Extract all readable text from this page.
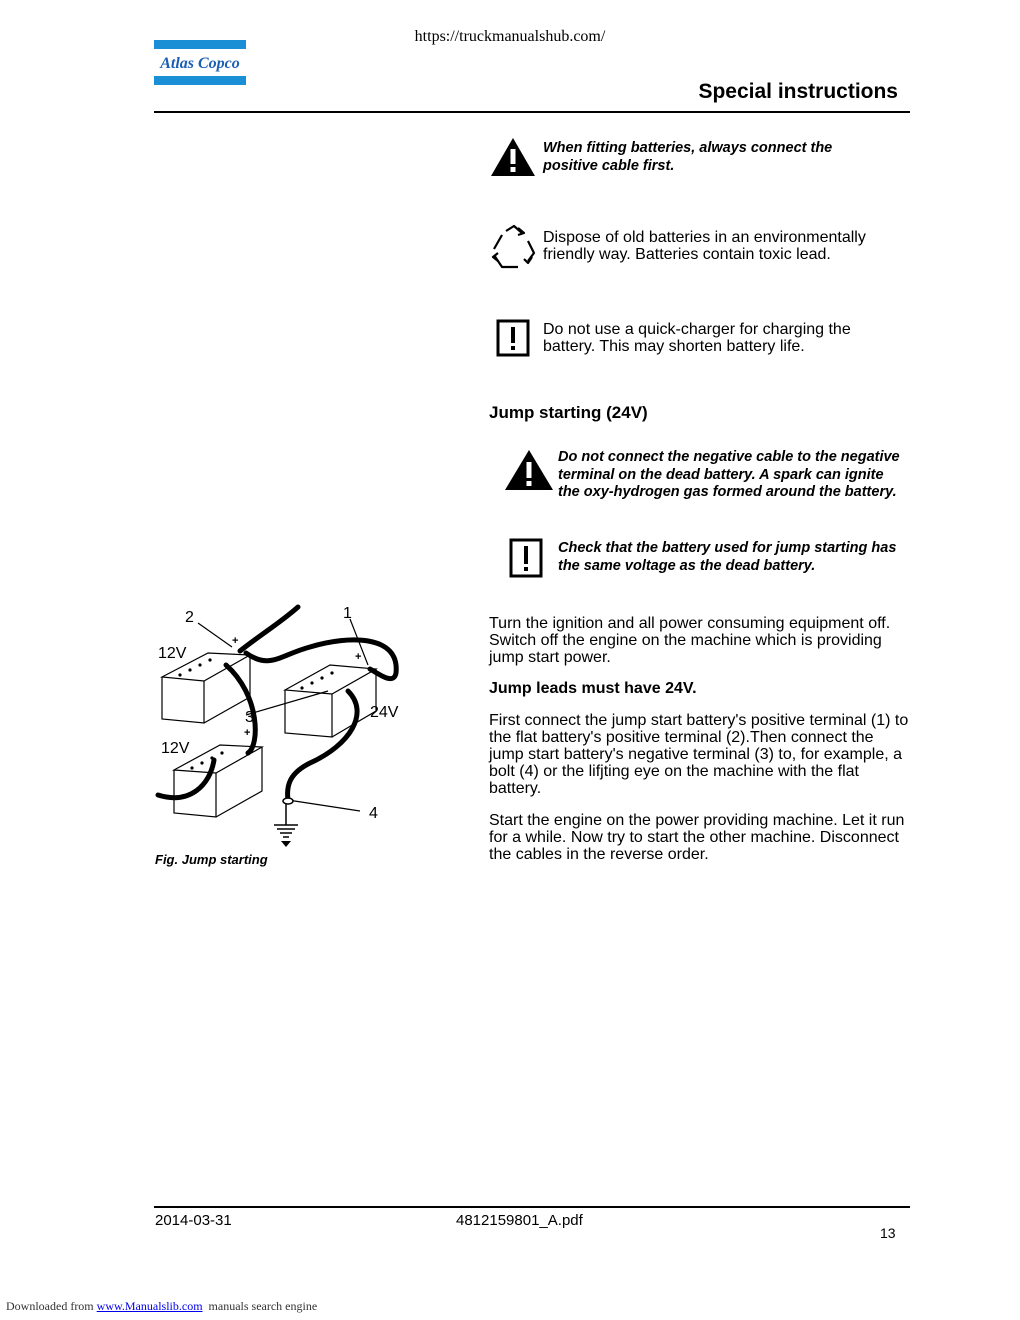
https://truckmanualshub.com/
Atlas Copco
Special instructions
When fitting batteries, always connect the positive cable first.
Dispose of old batteries in an environmentally friendly way. Batteries contain toxic lead.
Do not use a quick-charger for charging the battery. This may shorten battery life.
Jump starting (24V)
Do not connect the negative cable to the negative terminal on the dead battery. A spark can ignite the oxy-hydrogen gas formed around the battery.
Check that the battery used for jump starting has the same voltage as the dead battery.
Turn the ignition and all power consuming equipment off. Switch off the engine on the machine which is providing jump start power.
Jump leads must have 24V.
First connect the jump start battery's positive terminal (1) to the flat battery's positive terminal (2).Then connect the jump start battery's negative terminal (3) to, for example, a bolt (4) or the lifjting eye on the machine with the flat battery.
Start the engine on the power providing machine. Let it run for a while. Now try to start the other machine. Disconnect the cables in the reverse order.
+
+
+
2	1
12V
3	24V
12V
4
Fig. Jump starting
2014-03-31	4812159801_A.pdf
13
Downloaded from www.Manualslib.com  manuals search engine
